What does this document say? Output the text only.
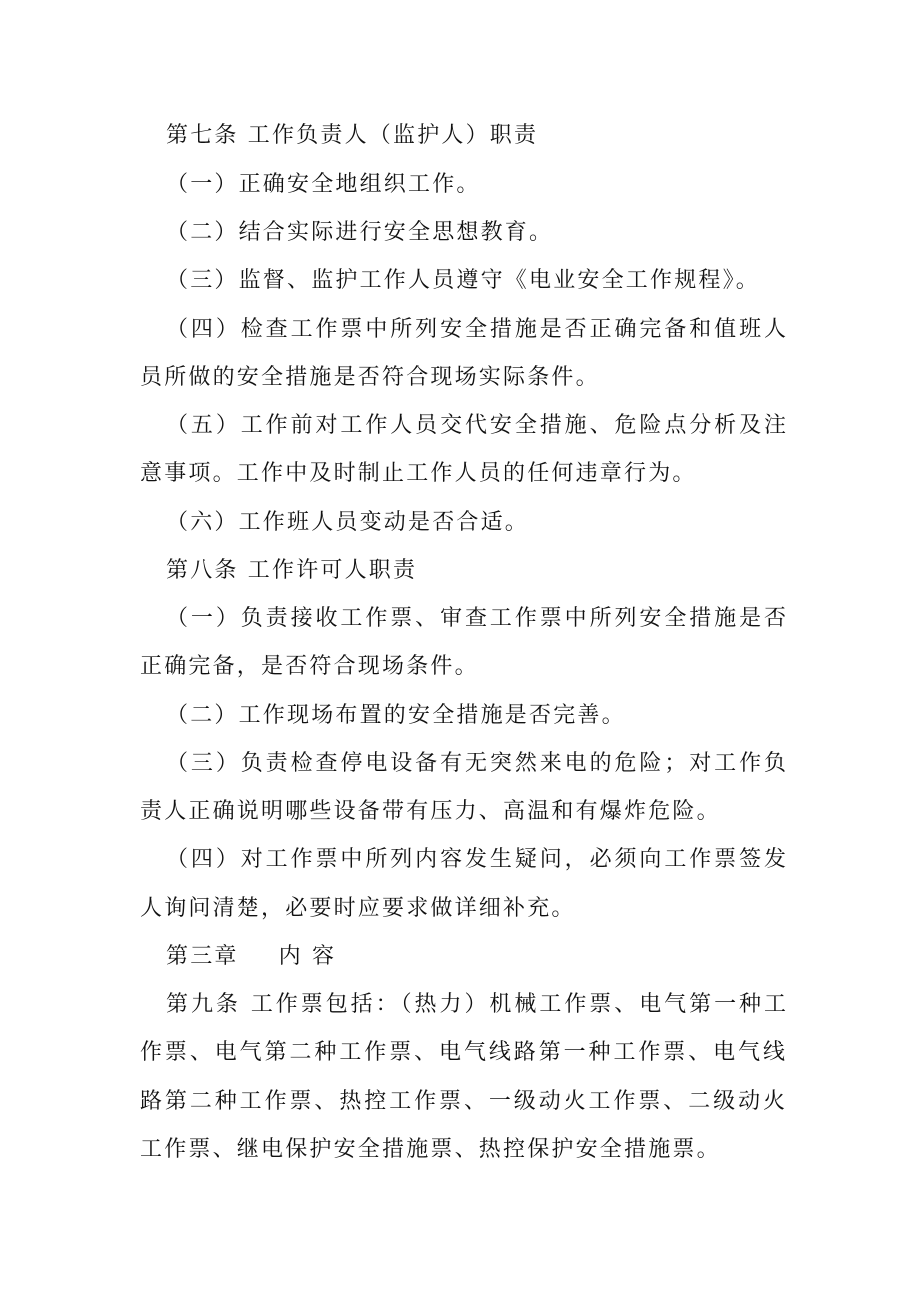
第七条 工作负责人（监护人）职责
（一）正确安全地组织工作。
（二）结合实际进行安全思想教育。
（三）监督、监护工作人员遵守《电业安全工作规程》。
（四）检查工作票中所列安全措施是否正确完备和值班人
员所做的安全措施是否符合现场实际条件。
（五）工作前对工作人员交代安全措施、危险点分析及注
意事项。工作中及时制止工作人员的任何违章行为。
（六）工作班人员变动是否合适。
第八条 工作许可人职责
（一）负责接收工作票、审查工作票中所列安全措施是否
正确完备，是否符合现场条件。
（二）工作现场布置的安全措施是否完善。
（三）负责检查停电设备有无突然来电的危险；对工作负
责人正确说明哪些设备带有压力、高温和有爆炸危险。
（四）对工作票中所列内容发生疑问，必须向工作票签发
人询问清楚，必要时应要求做详细补充。
第三章 内 容
第九条 工作票包括：（热力）机械工作票、电气第一种工
作票、电气第二种工作票、电气线路第一种工作票、电气线
路第二种工作票、热控工作票、一级动火工作票、二级动火
工作票、继电保护安全措施票、热控保护安全措施票。
